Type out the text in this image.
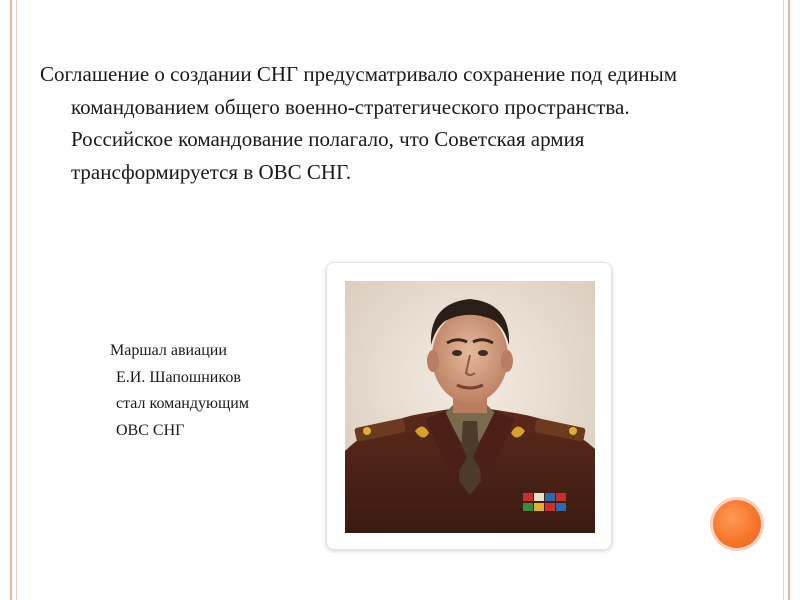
Соглашение о создании СНГ предусматривало сохранение под единым командованием общего военно-стратегического пространства. Российское командование полагало, что Советская армия трансформируется в ОВС СНГ.

Маршал авиации
Е.И. Шапошников
стал командующим
ОВС СНГ
